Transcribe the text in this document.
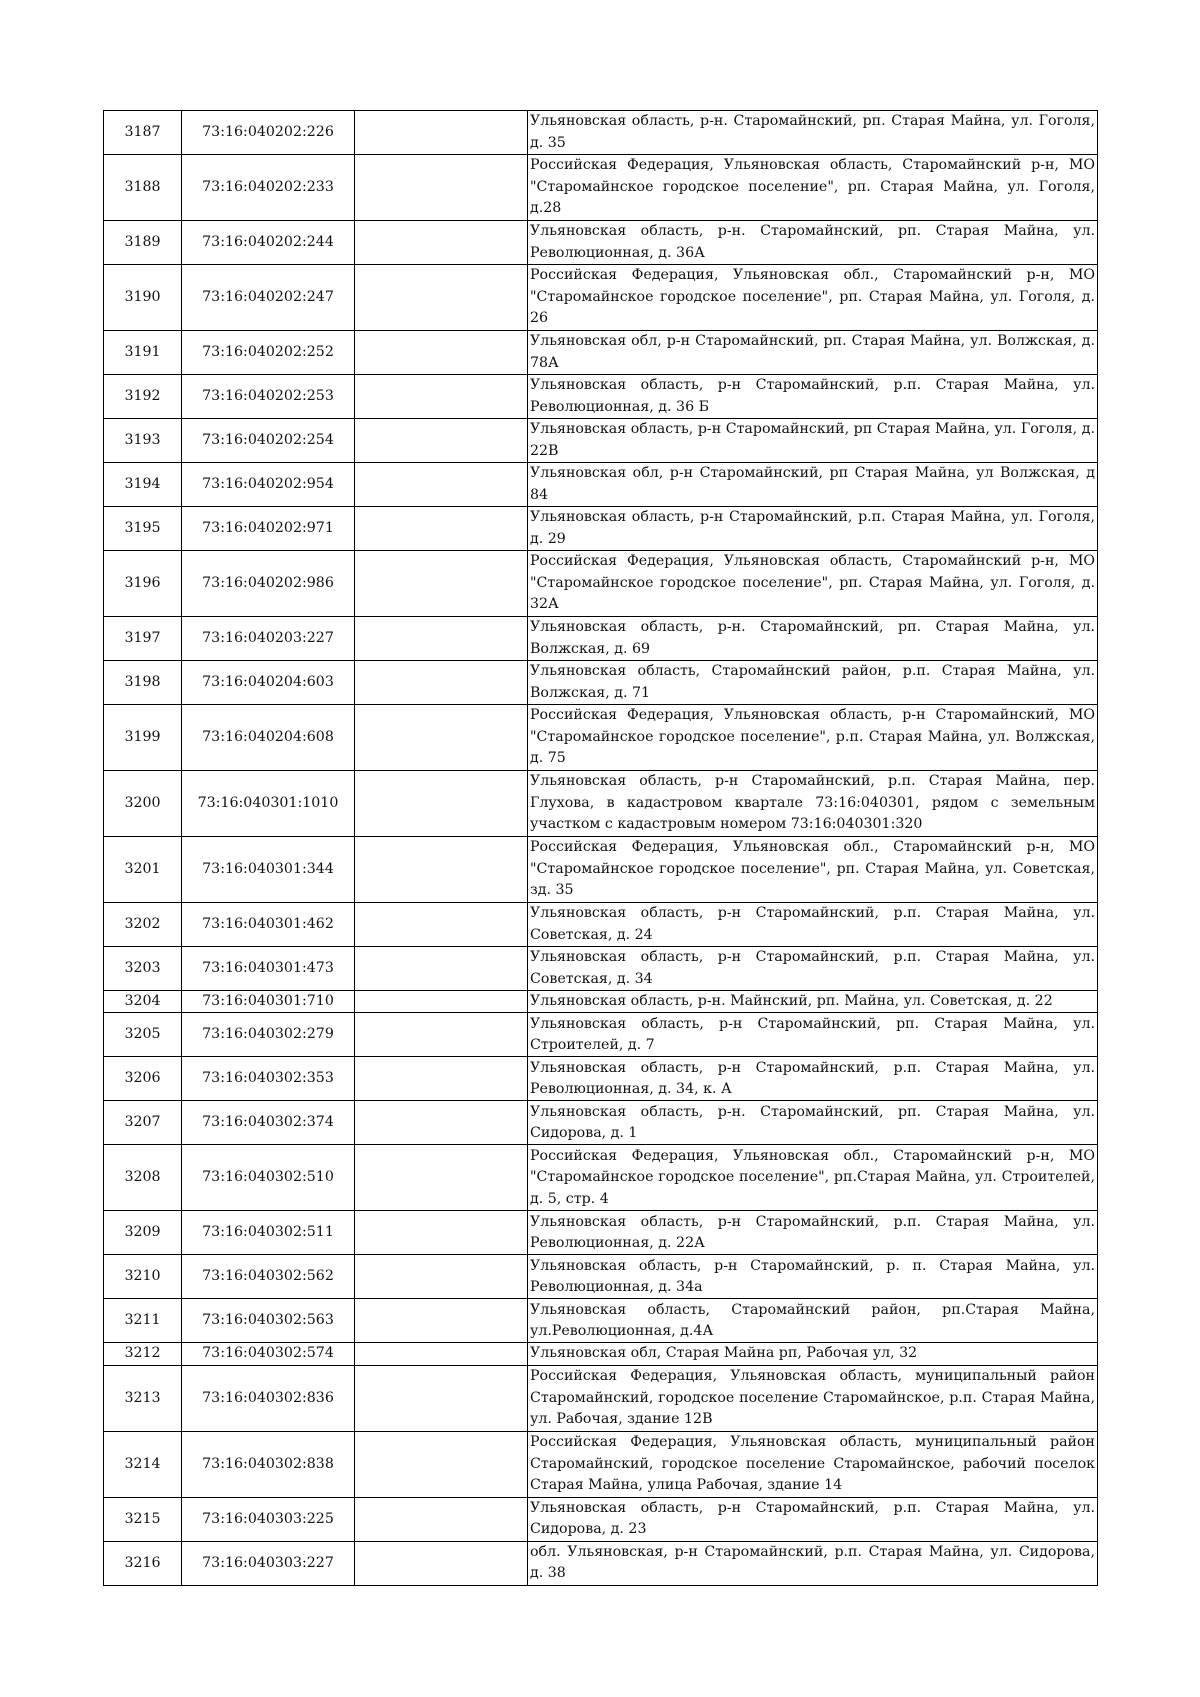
3187	73:16:040202:226		Ульяновская область, р-н. Старомайнский, рп. Старая Майна, ул. Гоголя, д. 35
3188	73:16:040202:233		Российская Федерация, Ульяновская область, Старомайнский р-н, МО "Старомайнское городское поселение", рп. Старая Майна, ул. Гоголя, д.28
3189	73:16:040202:244		Ульяновская область, р-н. Старомайнский, рп. Старая Майна, ул. Революционная, д. 36А
3190	73:16:040202:247		Российская Федерация, Ульяновская обл., Старомайнский р-н, МО "Старомайнское городское поселение", рп. Старая Майна, ул. Гоголя, д. 26
3191	73:16:040202:252		Ульяновская обл, р-н Старомайнский, рп. Старая Майна, ул. Волжская, д. 78А
3192	73:16:040202:253		Ульяновская область, р-н Старомайнский, р.п. Старая Майна, ул. Революционная, д. 36 Б
3193	73:16:040202:254		Ульяновская область, р-н Старомайнский, рп Старая Майна, ул. Гоголя, д. 22В
3194	73:16:040202:954		Ульяновская обл, р-н Старомайнский, рп Старая Майна, ул Волжская, д 84
3195	73:16:040202:971		Ульяновская область, р-н Старомайнский, р.п. Старая Майна, ул. Гоголя, д. 29
3196	73:16:040202:986		Российская Федерация, Ульяновская область, Старомайнский р-н, МО "Старомайнское городское поселение", рп. Старая Майна, ул. Гоголя, д. 32А
3197	73:16:040203:227		Ульяновская область, р-н. Старомайнский, рп. Старая Майна, ул. Волжская, д. 69
3198	73:16:040204:603		Ульяновская область, Старомайнский район, р.п. Старая Майна, ул. Волжская, д. 71
3199	73:16:040204:608		Российская Федерация, Ульяновская область, р-н Старомайнский, МО "Старомайнское городское поселение", р.п. Старая Майна, ул. Волжская, д. 75
3200	73:16:040301:1010		Ульяновская область, р-н Старомайнский, р.п. Старая Майна, пер. Глухова, в кадастровом квартале 73:16:040301, рядом с земельным участком с кадастровым номером 73:16:040301:320
3201	73:16:040301:344		Российская Федерация, Ульяновская обл., Старомайнский р-н, МО "Старомайнское городское поселение", рп. Старая Майна, ул. Советская, зд. 35
3202	73:16:040301:462		Ульяновская область, р-н Старомайнский, р.п. Старая Майна, ул. Советская, д. 24
3203	73:16:040301:473		Ульяновская область, р-н Старомайнский, р.п. Старая Майна, ул. Советская, д. 34
3204	73:16:040301:710		Ульяновская область, р-н. Майнский, рп. Майна, ул. Советская, д. 22
3205	73:16:040302:279		Ульяновская область, р-н Старомайнский, рп. Старая Майна, ул. Строителей, д. 7
3206	73:16:040302:353		Ульяновская область, р-н Старомайнский, р.п. Старая Майна, ул. Революционная, д. 34, к. А
3207	73:16:040302:374		Ульяновская область, р-н. Старомайнский, рп. Старая Майна, ул. Сидорова, д. 1
3208	73:16:040302:510		Российская Федерация, Ульяновская обл., Старомайнский р-н, МО "Старомайнское городское поселение", рп.Старая Майна, ул. Строителей, д. 5, стр. 4
3209	73:16:040302:511		Ульяновская область, р-н Старомайнский, р.п. Старая Майна, ул. Революционная, д. 22А
3210	73:16:040302:562		Ульяновская область, р-н Старомайнский, р. п. Старая Майна, ул. Революционная, д. 34а
3211	73:16:040302:563		Ульяновская область, Старомайнский район, рп.Старая Майна, ул.Революционная, д.4А
3212	73:16:040302:574		Ульяновская обл, Старая Майна рп, Рабочая ул, 32
3213	73:16:040302:836		Российская Федерация, Ульяновская область, муниципальный район Старомайнский, городское поселение Старомайнское, р.п. Старая Майна, ул. Рабочая, здание 12В
3214	73:16:040302:838		Российская Федерация, Ульяновская область, муниципальный район Старомайнский, городское поселение Старомайнское, рабочий поселок Старая Майна, улица Рабочая, здание 14
3215	73:16:040303:225		Ульяновская область, р-н Старомайнский, р.п. Старая Майна, ул. Сидорова, д. 23
3216	73:16:040303:227		обл. Ульяновская, р-н Старомайнский, р.п. Старая Майна, ул. Сидорова, д. 38
